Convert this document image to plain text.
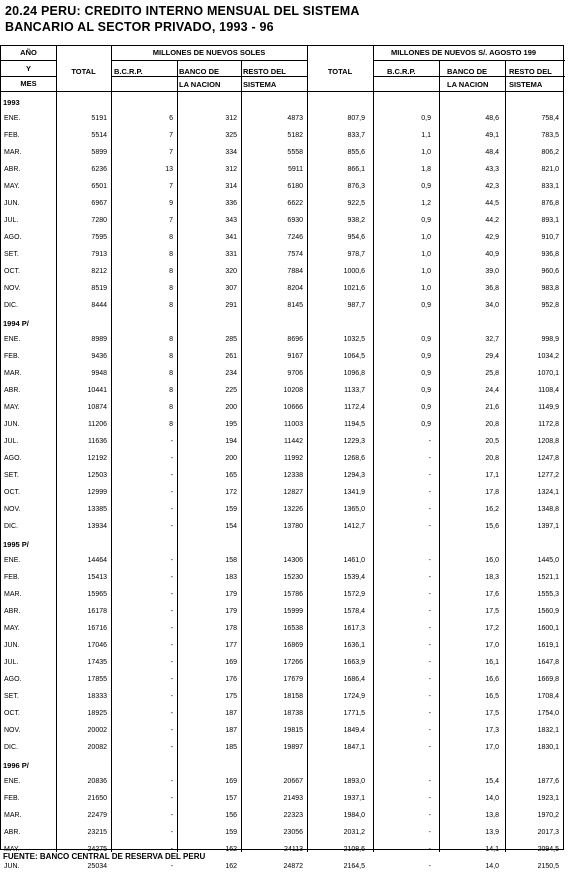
20.24 PERU: CREDITO INTERNO MENSUAL DEL SISTEMA
BANCARIO AL SECTOR PRIVADO, 1993 - 96
MILLONES DE NUEVOS SOLES	MILLONES DE NUEVOS S/. AGOSTO 199
AÑO
Y
MES
TOTAL	B.C.R.P.	BANCO DE
LA NACION
RESTO DEL
SISTEMA
TOTAL	B.C.R.P.	BANCO DE
LA NACION
RESTO DEL
SISTEMA
1993
ENE.	5191	6	312	4873	807,9	0,9	48,6	758,4
FEB.	5514	7	325	5182	833,7	1,1	49,1	783,5
MAR.	5899	7	334	5558	855,6	1,0	48,4	806,2
ABR.	6236	13	312	5911	866,1	1,8	43,3	821,0
MAY.	6501	7	314	6180	876,3	0,9	42,3	833,1
JUN.	6967	9	336	6622	922,5	1,2	44,5	876,8
JUL.	7280	7	343	6930	938,2	0,9	44,2	893,1
AGO.	7595	8	341	7246	954,6	1,0	42,9	910,7
SET.	7913	8	331	7574	978,7	1,0	40,9	936,8
OCT.	8212	8	320	7884	1000,6	1,0	39,0	960,6
NOV.	8519	8	307	8204	1021,6	1,0	36,8	983,8
DIC.	8444	8	291	8145	987,7	0,9	34,0	952,8
1994 P/
ENE.	8989	8	285	8696	1032,5	0,9	32,7	998,9
FEB.	9436	8	261	9167	1064,5	0,9	29,4	1034,2
MAR.	9948	8	234	9706	1096,8	0,9	25,8	1070,1
ABR.	10441	8	225	10208	1133,7	0,9	24,4	1108,4
MAY.	10874	8	200	10666	1172,4	0,9	21,6	1149,9
JUN.	11206	8	195	11003	1194,5	0,9	20,8	1172,8
JUL.	11636	-	194	11442	1229,3	-	20,5	1208,8
AGO.	12192	-	200	11992	1268,6	-	20,8	1247,8
SET.	12503	-	165	12338	1294,3	-	17,1	1277,2
OCT.	12999	-	172	12827	1341,9	-	17,8	1324,1
NOV.	13385	-	159	13226	1365,0	-	16,2	1348,8
DIC.	13934	-	154	13780	1412,7	-	15,6	1397,1
1995 P/
ENE.	14464	-	158	14306	1461,0	-	16,0	1445,0
FEB.	15413	-	183	15230	1539,4	-	18,3	1521,1
MAR.	15965	-	179	15786	1572,9	-	17,6	1555,3
ABR.	16178	-	179	15999	1578,4	-	17,5	1560,9
MAY.	16716	-	178	16538	1617,3	-	17,2	1600,1
JUN.	17046	-	177	16869	1636,1	-	17,0	1619,1
JUL.	17435	-	169	17266	1663,9	-	16,1	1647,8
AGO.	17855	-	176	17679	1686,4	-	16,6	1669,8
SET.	18333	-	175	18158	1724,9	-	16,5	1708,4
OCT.	18925	-	187	18738	1771,5	-	17,5	1754,0
NOV.	20002	-	187	19815	1849,4	-	17,3	1832,1
DIC.	20082	-	185	19897	1847,1	-	17,0	1830,1
1996 P/
ENE.	20836	-	169	20667	1893,0	-	15,4	1877,6
FEB.	21650	-	157	21493	1937,1	-	14,0	1923,1
MAR.	22479	-	156	22323	1984,0	-	13,8	1970,2
ABR.	23215	-	159	23056	2031,2	-	13,9	2017,3
MAY.	24275	-	162	24113	2108,6	-	14,1	2094,5
JUN.	25034	-	162	24872	2164,5	-	14,0	2150,5
FUENTE: BANCO CENTRAL DE RESERVA DEL PERU
